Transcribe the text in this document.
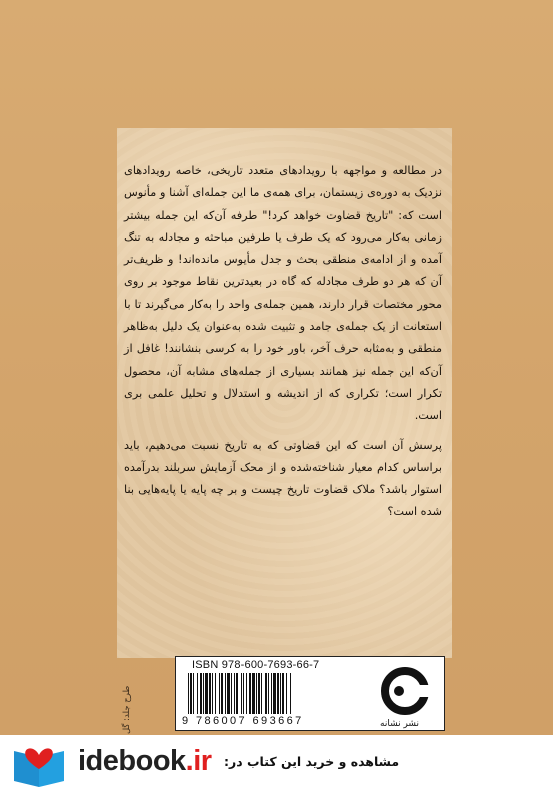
در مطالعه و مواجهه با رویدادهای متعدد تاریخی، خاصه رویدادهای نزدیک به دوره‌ی زیستمان، برای همه‌ی ما این جمله‌ای آشنا و مأنوس است که: "تاریخ قضاوت خواهد کرد!" طرفه آن‌که این جمله بیشتر زمانی به‌کار می‌رود که یک طرف یا طرفین مباحثه و مجادله به تنگ آمده و از ادامه‌ی منطقی بحث و جدل مأیوس مانده‌اند! و ظریف‌تر آن که هر دو طرف مجادله که گاه در بعیدترین نقاط موجود بر روی محور مختصات قرار دارند، همین جمله‌ی واحد را به‌کار می‌گیرند تا با استعانت از یک جمله‌ی جامد و تثبیت شده به‌عنوان یک دلیل به‌ظاهر منطقی و به‌مثابه حرف آخر، باور خود را به کرسی بنشانند! غافل از آن‌که این جمله نیز همانند بسیاری از جمله‌های مشابه آن، محصول تکرار است؛ تکراری که از اندیشه و استدلال و تحلیل علمی بری است.

پرسش آن است که این قضاوتی که به تاریخ نسبت می‌دهیم، باید براساس کدام معیار شناخته‌شده و از محک آزمایش سربلند بدرآمده استوار باشد؟ ملاک قضاوت تاریخ چیست و بر چه پایه یا پایه‌هایی بنا شده است؟

طرح جلد: گل
ISBN 978-600-7693-66-7
9 786007 693667	نشر نشانه
idebook.ir مشاهده و خرید این کتاب در:
